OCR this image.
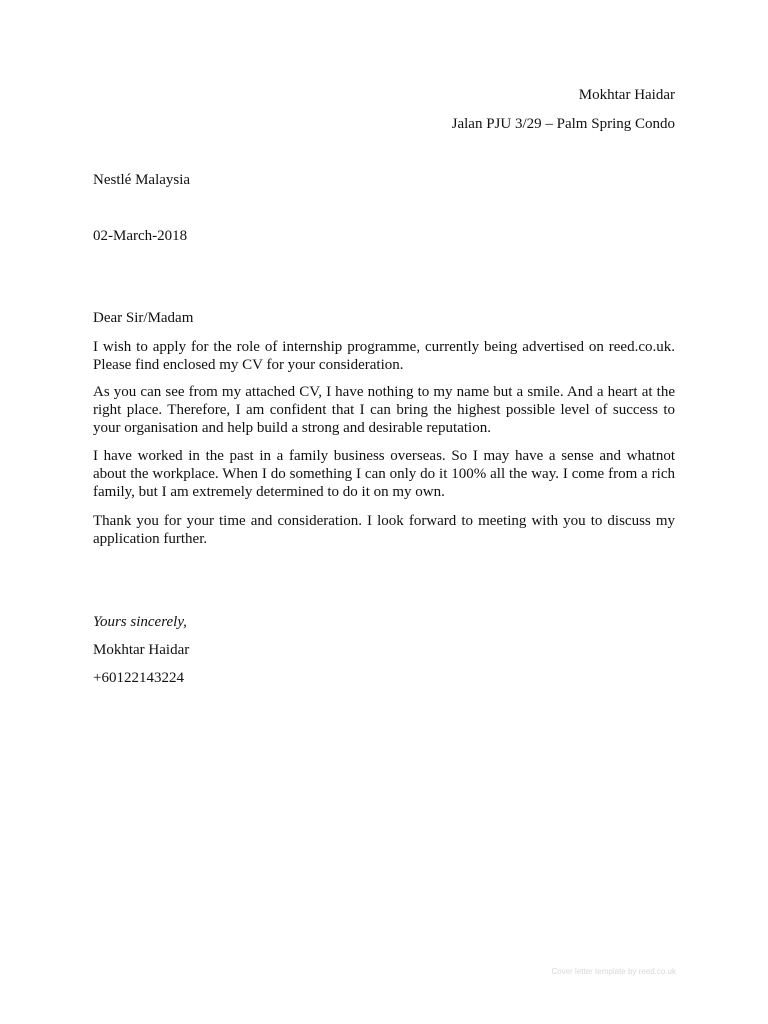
Mokhtar Haidar
Jalan PJU 3/29 – Palm Spring Condo
Nestlé Malaysia
02-March-2018
Dear Sir/Madam

I wish to apply for the role of internship programme, currently being advertised on reed.co.uk. Please find enclosed my CV for your consideration.

As you can see from my attached CV, I have nothing to my name but a smile. And a heart at the right place. Therefore, I am confident that I can bring the highest possible level of success to your organisation and help build a strong and desirable reputation.

I have worked in the past in a family business overseas. So I may have a sense and whatnot about the workplace. When I do something I can only do it 100% all the way. I come from a rich family, but I am extremely determined to do it on my own.

Thank you for your time and consideration. I look forward to meeting with you to discuss my application further.

Yours sincerely,
Mokhtar Haidar
+60122143224
Cover letter template by reed.co.uk
